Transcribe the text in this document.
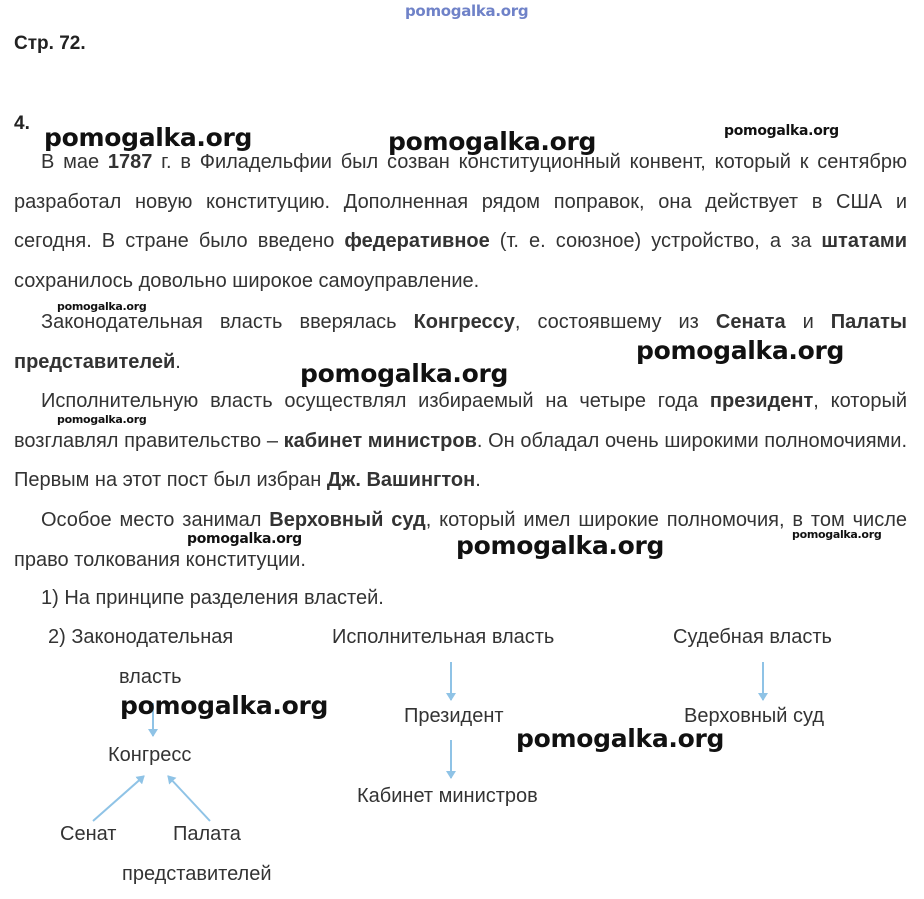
pomogalka.org
Стр. 72.
4.
В мае 1787 г. в Филадельфии был созван конституционный конвент, который к сентябрю разработал новую конституцию. Дополненная рядом поправок, она действует в США и сегодня. В стране было введено федеративное (т. е. союзное) устройство, а за штатами сохранилось довольно широкое самоуправление.
Законодательная власть вверялась Конгрессу, состоявшему из Сената и Палаты представителей.
Исполнительную власть осуществлял избираемый на четыре года президент, который возглавлял правительство – кабинет министров. Он обладал очень широкими полномочиями. Первым на этот пост был избран Дж. Вашингтон.
Особое место занимал Верховный суд, который имел широкие полномочия, в том числе право толкования конституции.
1) На принципе разделения властей.
2) Законодательная
власть
Исполнительная власть	Судебная власть
Конгресс
Президент	Верховный суд
Кабинет министров
Сенат	Палата
представителей
pomogalka.org	pomogalka.org	pomogalka.org
pomogalka.org
pomogalka.org
pomogalka.org
pomogalka.org
pomogalka.org	pomogalka.org	pomogalka.org
pomogalka.org
pomogalka.org
